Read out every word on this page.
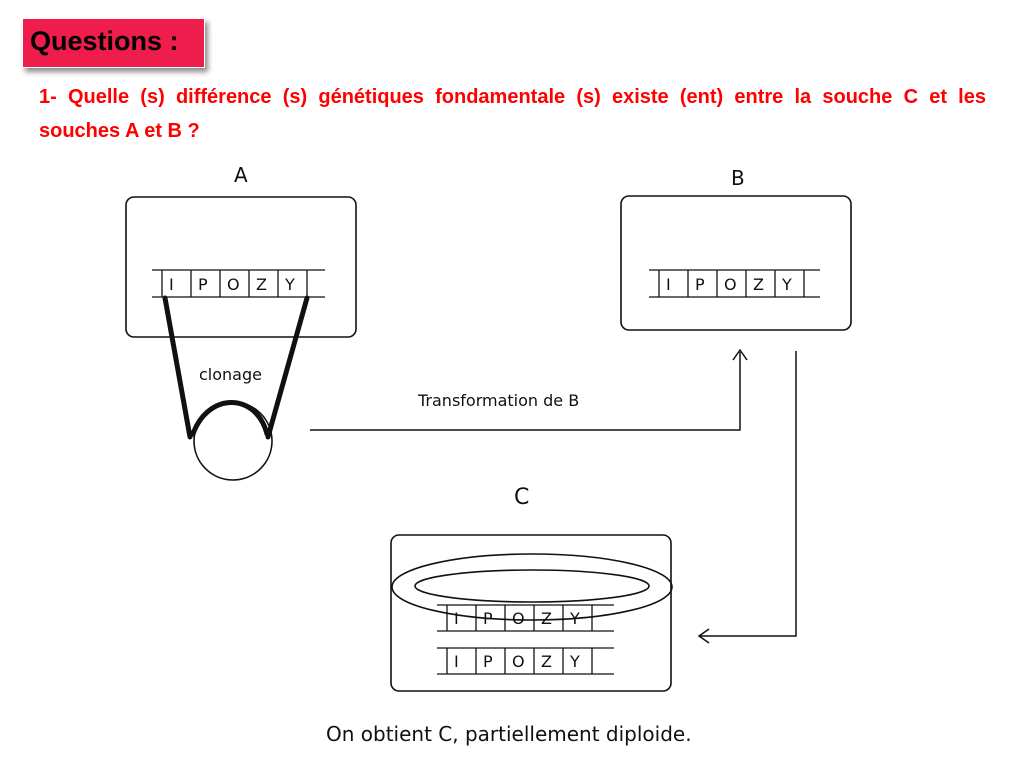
Questions :
1- Quelle (s) différence (s) génétiques fondamentale (s) existe (ent) entre la souche C et les souches A et B ?
I P O Z Y	I P O Z Y
I P O Z Y
I P O Z Y
A	B
C
clonage
Transformation de B
On obtient C, partiellement diploide.
